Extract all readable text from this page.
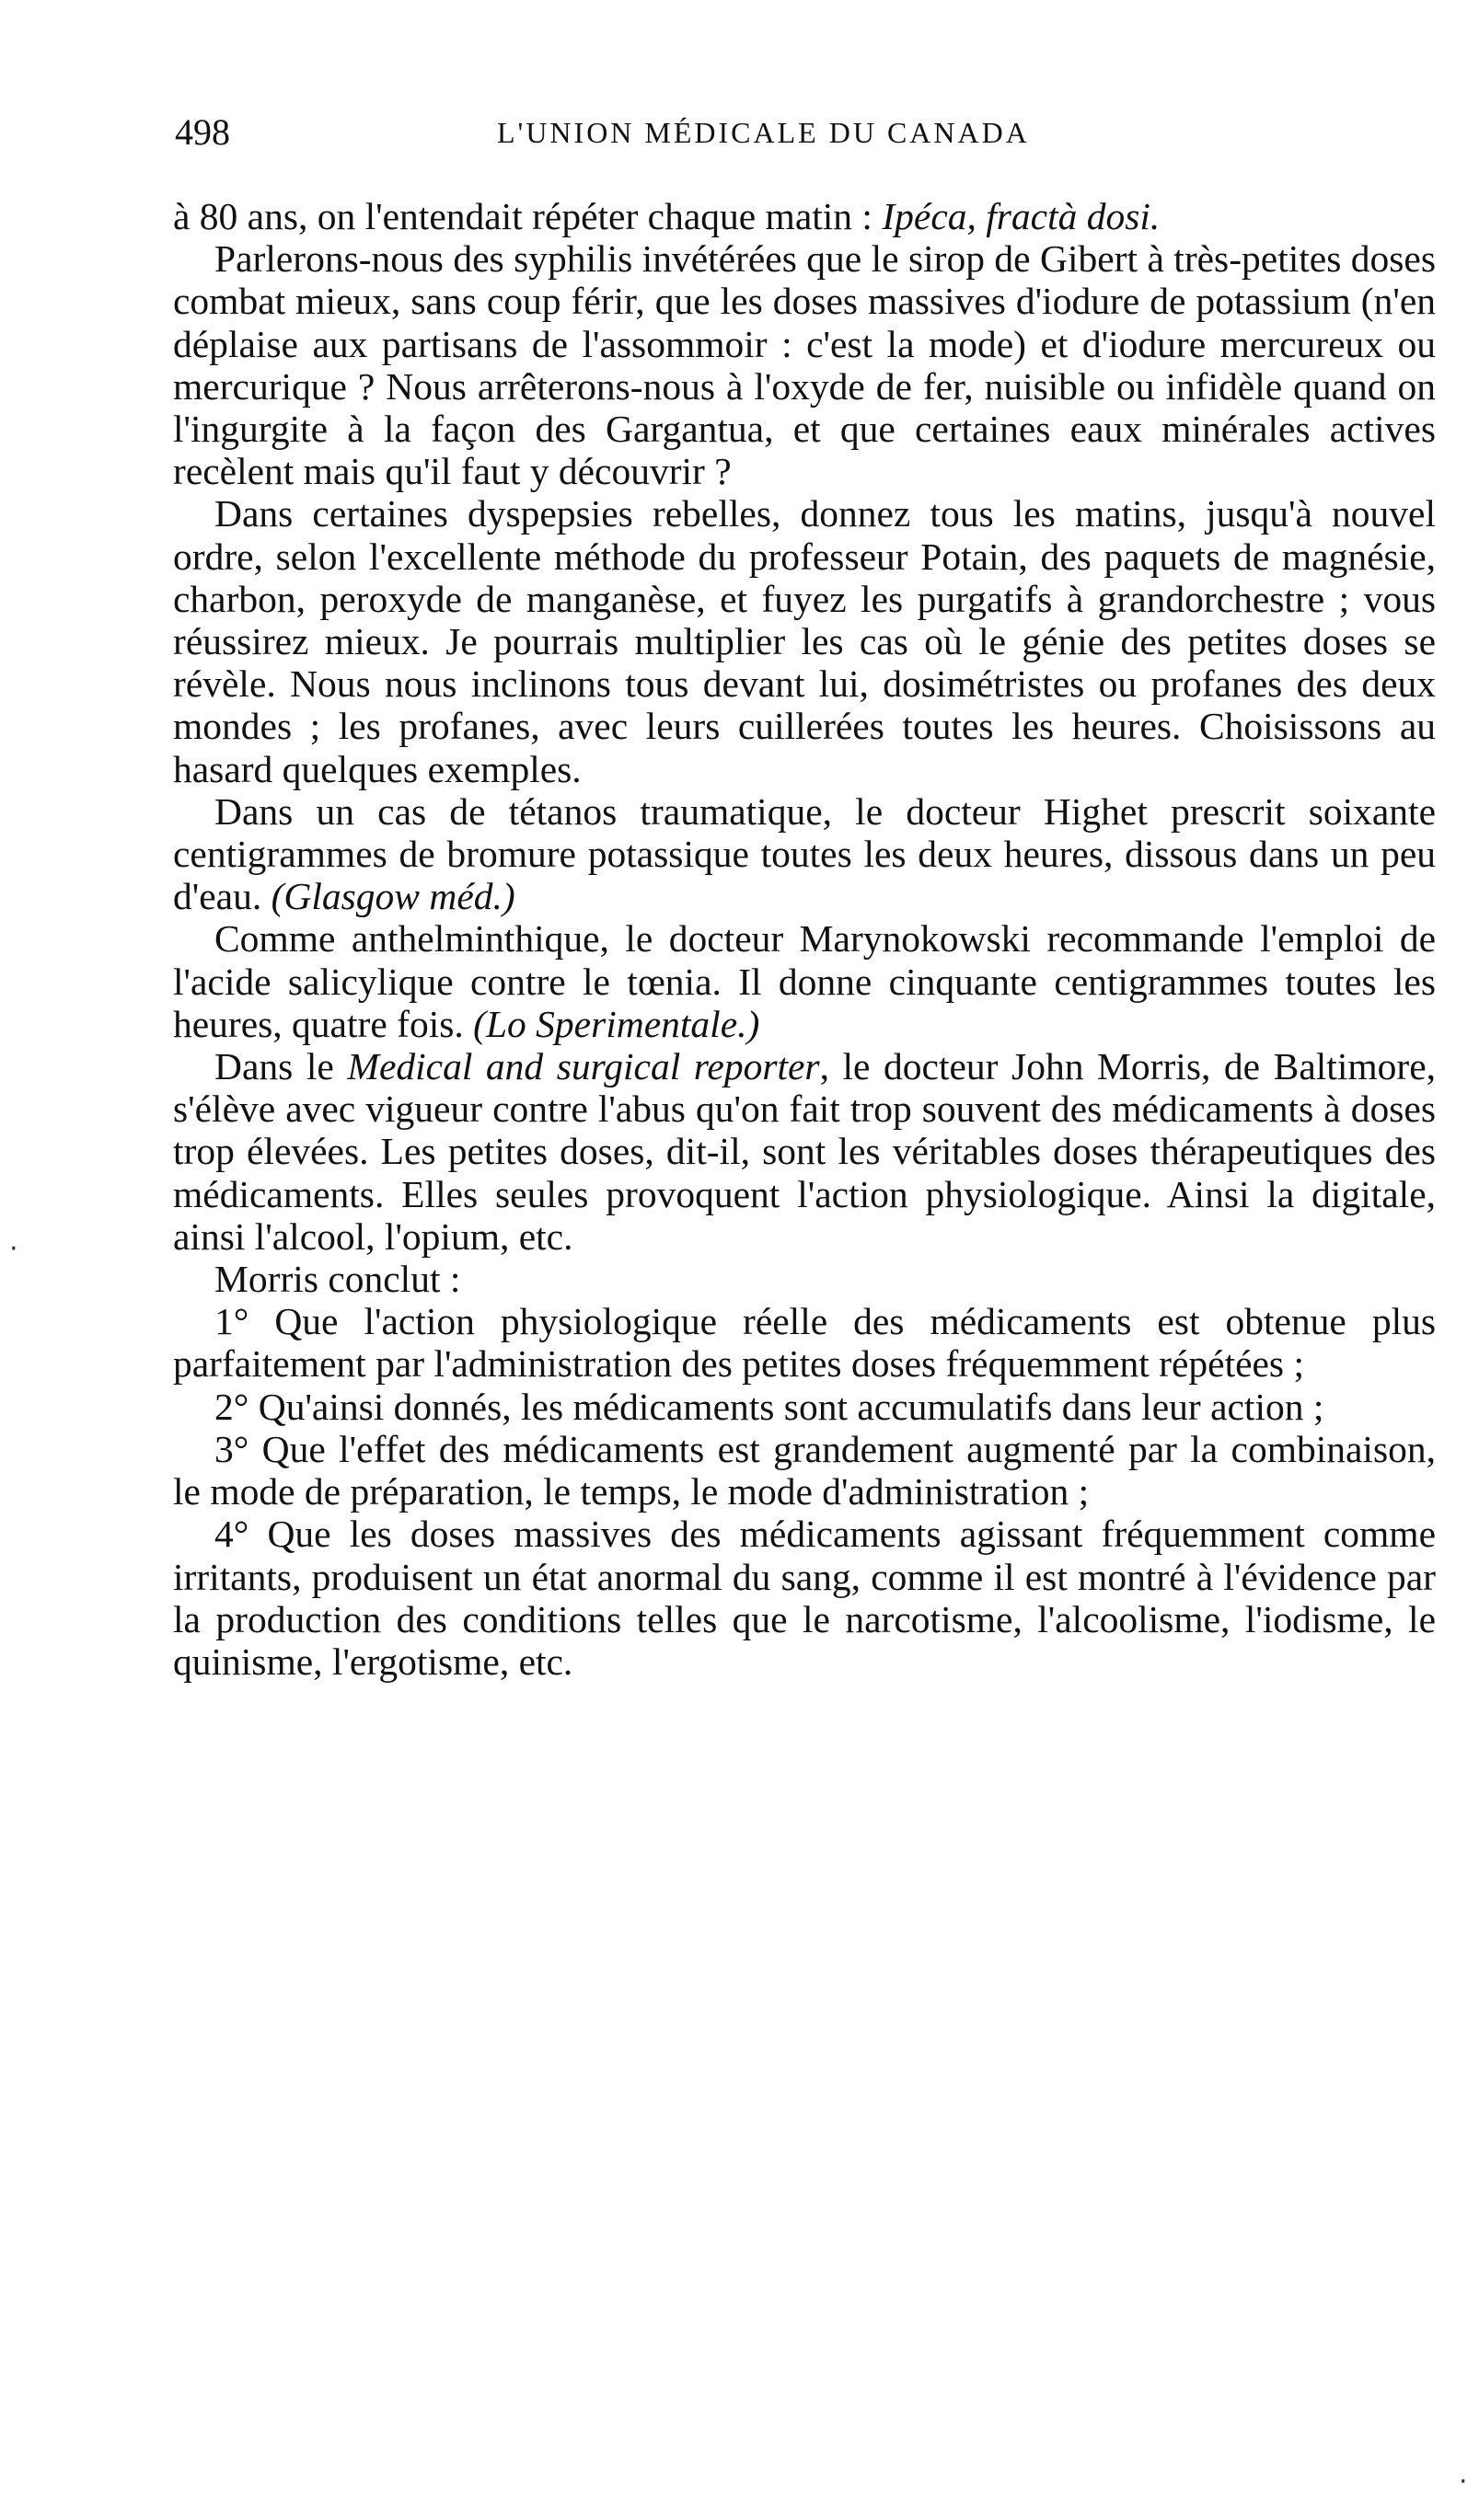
498	L'UNION MÉDICALE DU CANADA

à 80 ans, on l'entendait répéter chaque matin : Ipéca, fractà dosi.

Parlerons-nous des syphilis invétérées que le sirop de Gibert à très-petites doses combat mieux, sans coup férir, que les doses massives d'iodure de potassium (n'en déplaise aux partisans de l'assommoir : c'est la mode) et d'iodure mercureux ou mercurique ? Nous arrêterons-nous à l'oxyde de fer, nuisible ou infidèle quand on l'ingurgite à la façon des Gargantua, et que certaines eaux minérales actives recèlent mais qu'il faut y découvrir ?

Dans certaines dyspepsies rebelles, donnez tous les matins, jusqu'à nouvel ordre, selon l'excellente méthode du professeur Potain, des paquets de magnésie, charbon, peroxyde de manganèse, et fuyez les purgatifs à grandorchestre ; vous réussirez mieux. Je pourrais multiplier les cas où le génie des petites doses se révèle. Nous nous inclinons tous devant lui, dosimétristes ou profanes des deux mondes ; les profanes, avec leurs cuillerées toutes les heures. Choisissons au hasard quelques exemples.

Dans un cas de tétanos traumatique, le docteur Highet prescrit soixante centigrammes de bromure potassique toutes les deux heures, dissous dans un peu d'eau. (Glasgow méd.)

Comme anthelminthique, le docteur Marynokowski recommande l'emploi de l'acide salicylique contre le tœnia. Il donne cinquante centigrammes toutes les heures, quatre fois. (Lo Sperimentale.)

Dans le Medical and surgical reporter, le docteur John Morris, de Baltimore, s'élève avec vigueur contre l'abus qu'on fait trop souvent des médicaments à doses trop élevées. Les petites doses, dit-il, sont les véritables doses thérapeutiques des médicaments. Elles seules provoquent l'action physiologique. Ainsi la digitale, ainsi l'alcool, l'opium, etc.

Morris conclut :

1° Que l'action physiologique réelle des médicaments est obtenue plus parfaitement par l'administration des petites doses fréquemment répétées ;

2° Qu'ainsi donnés, les médicaments sont accumulatifs dans leur action ;

3° Que l'effet des médicaments est grandement augmenté par la combinaison, le mode de préparation, le temps, le mode d'administration ;

4° Que les doses massives des médicaments agissant fréquemment comme irritants, produisent un état anormal du sang, comme il est montré à l'évidence par la production des conditions telles que le narcotisme, l'alcoolisme, l'iodisme, le quinisme, l'ergotisme, etc.

·
·
